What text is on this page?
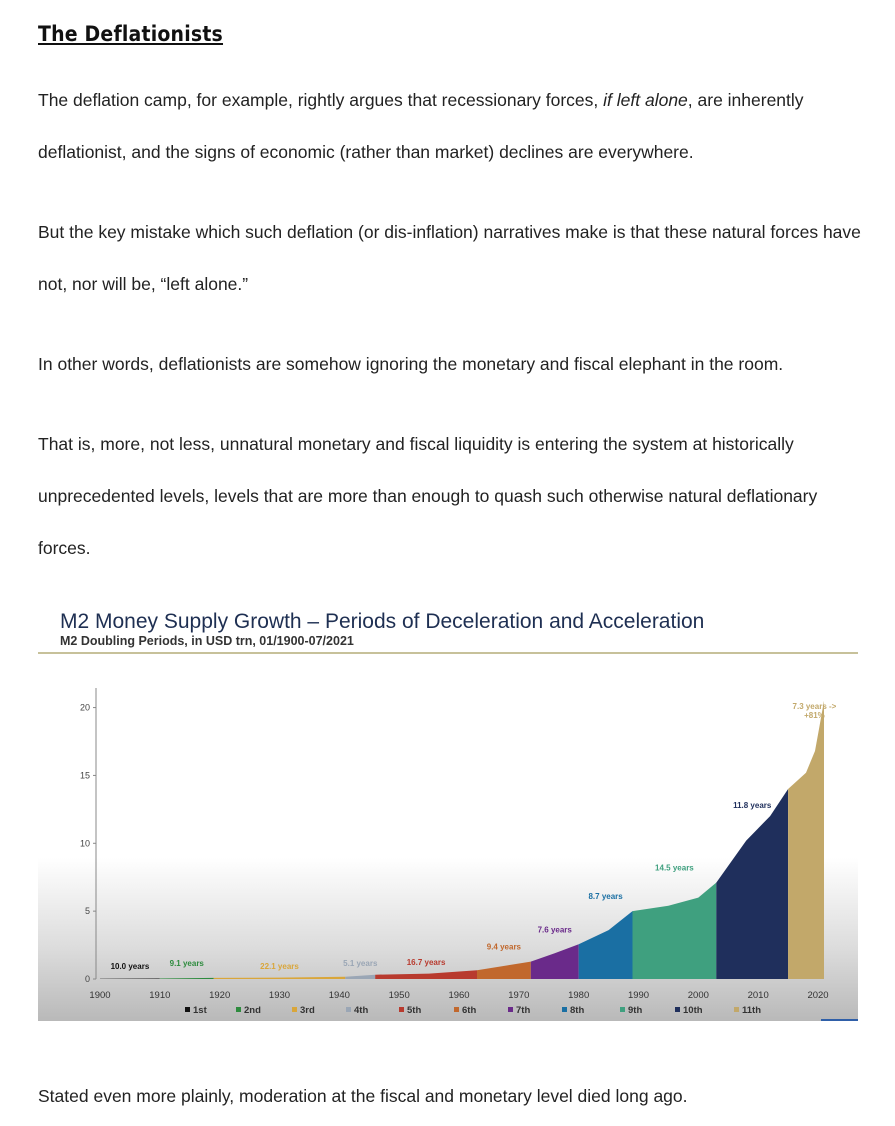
The Deflationists

The deflation camp, for example, rightly argues that recessionary forces, if left alone, are inherently deflationist, and the signs of economic (rather than market) declines are everywhere.

But the key mistake which such deflation (or dis-inflation) narratives make is that these natural forces have not, nor will be, “left alone.”

In other words, deflationists are somehow ignoring the monetary and fiscal elephant in the room.

That is, more, not less, unnatural monetary and fiscal liquidity is entering the system at historically unprecedented levels, levels that are more than enough to quash such otherwise natural deflationary forces.

M2 Money Supply Growth – Periods of Deceleration and Acceleration
M2 Doubling Periods, in USD trn, 01/1900-07/2021
0
5
10
15
20
1900	1910	1920	1930	1940	1950	1960	1970	1980	1990	2000	2010	2020
10.0 years	9.1 years	22.1 years	5.1 years	16.7 years
9.4 years
7.6 years
8.7 years
14.5 years
11.8 years
7.3 years ->
+81%
1st	2nd	3rd	4th	5th	6th	7th	8th	9th	10th	11th

Stated even more plainly, moderation at the fiscal and monetary level died long ago.
